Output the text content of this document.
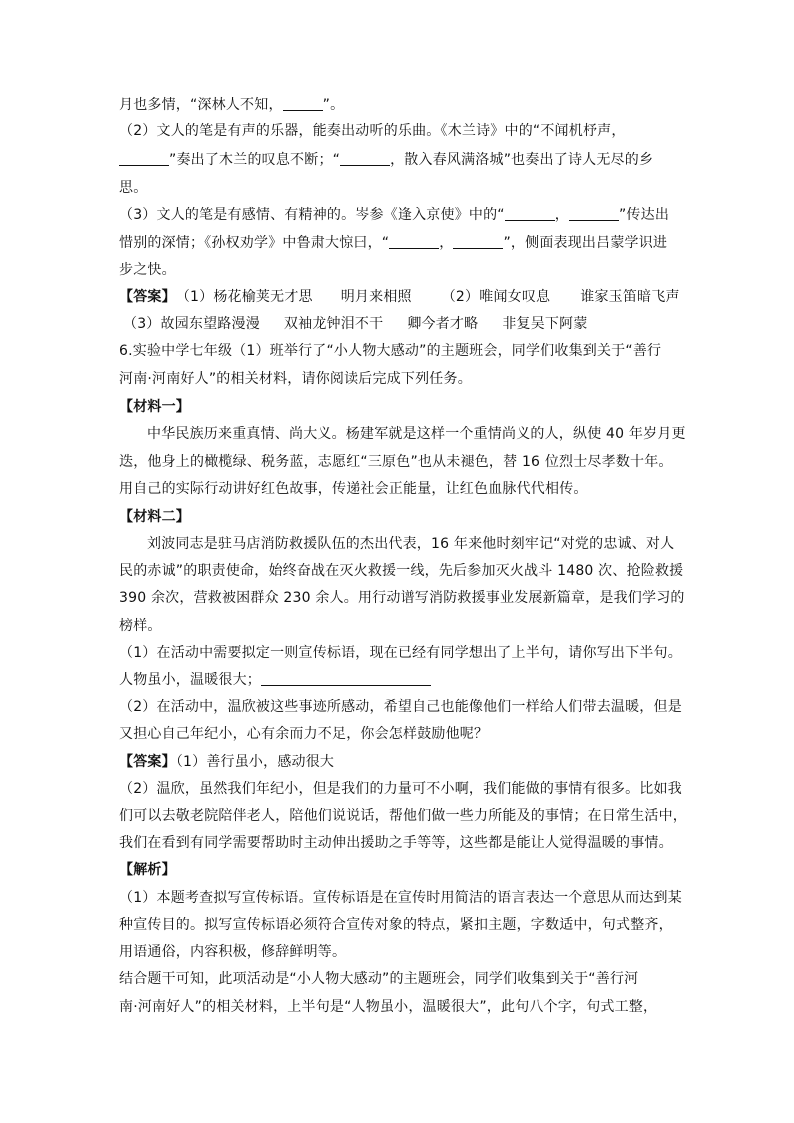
月也多情，“深林人不知，	”。
（2）文人的笔是有声的乐器，能奏出动听的乐曲。《木兰诗》中的“不闻机杼声，
”奏出了木兰的叹息不断；“	，散入春风满洛城”也奏出了诗人无尽的乡
思。
（3）文人的笔是有感情、有精神的。岑参《逢入京使》中的“	，	”传达出
惜别的深情；《孙权劝学》中鲁肃大惊曰，“	，	”，侧面表现出吕蒙学识进
步之快。
【答案】（1）杨花榆荚无才思 明月来相照 （2）唯闻女叹息 谁家玉笛暗飞声
（3）故园东望路漫漫 双袖龙钟泪不干 卿今者才略 非复吴下阿蒙
6.实验中学七年级（1）班举行了“小人物大感动”的主题班会，同学们收集到关于“善行
河南·河南好人”的相关材料，请你阅读后完成下列任务。
【材料一】
中华民族历来重真情、尚大义。杨建军就是这样一个重情尚义的人，纵使 40 年岁月更
迭，他身上的橄榄绿、税务蓝，志愿红“三原色”也从未褪色，替 16 位烈士尽孝数十年。
用自己的实际行动讲好红色故事，传递社会正能量，让红色血脉代代相传。
【材料二】
刘波同志是驻马店消防救援队伍的杰出代表，16 年来他时刻牢记“对党的忠诚、对人
民的赤诚”的职责使命，始终奋战在灭火救援一线，先后参加灭火战斗 1480 次、抢险救援
390 余次，营救被困群众 230 余人。用行动谱写消防救援事业发展新篇章，是我们学习的
榜样。
（1）在活动中需要拟定一则宣传标语，现在已经有同学想出了上半句，请你写出下半句。
人物虽小，温暖很大；
（2）在活动中，温欣被这些事迹所感动，希望自己也能像他们一样给人们带去温暖，但是
又担心自己年纪小，心有余而力不足，你会怎样鼓励他呢？
【答案】（1）善行虽小，感动很大
（2）温欣，虽然我们年纪小，但是我们的力量可不小啊，我们能做的事情有很多。比如我
们可以去敬老院陪伴老人，陪他们说说话，帮他们做一些力所能及的事情；在日常生活中，
我们在看到有同学需要帮助时主动伸出援助之手等等，这些都是能让人觉得温暖的事情。
【解析】
（1）本题考查拟写宣传标语。宣传标语是在宣传时用简洁的语言表达一个意思从而达到某
种宣传目的。拟写宣传标语必须符合宣传对象的特点，紧扣主题，字数适中，句式整齐，
用语通俗，内容积极，修辞鲜明等。
结合题干可知，此项活动是“小人物大感动”的主题班会，同学们收集到关于“善行河
南·河南好人”的相关材料，上半句是“人物虽小，温暖很大”，此句八个字，句式工整，
